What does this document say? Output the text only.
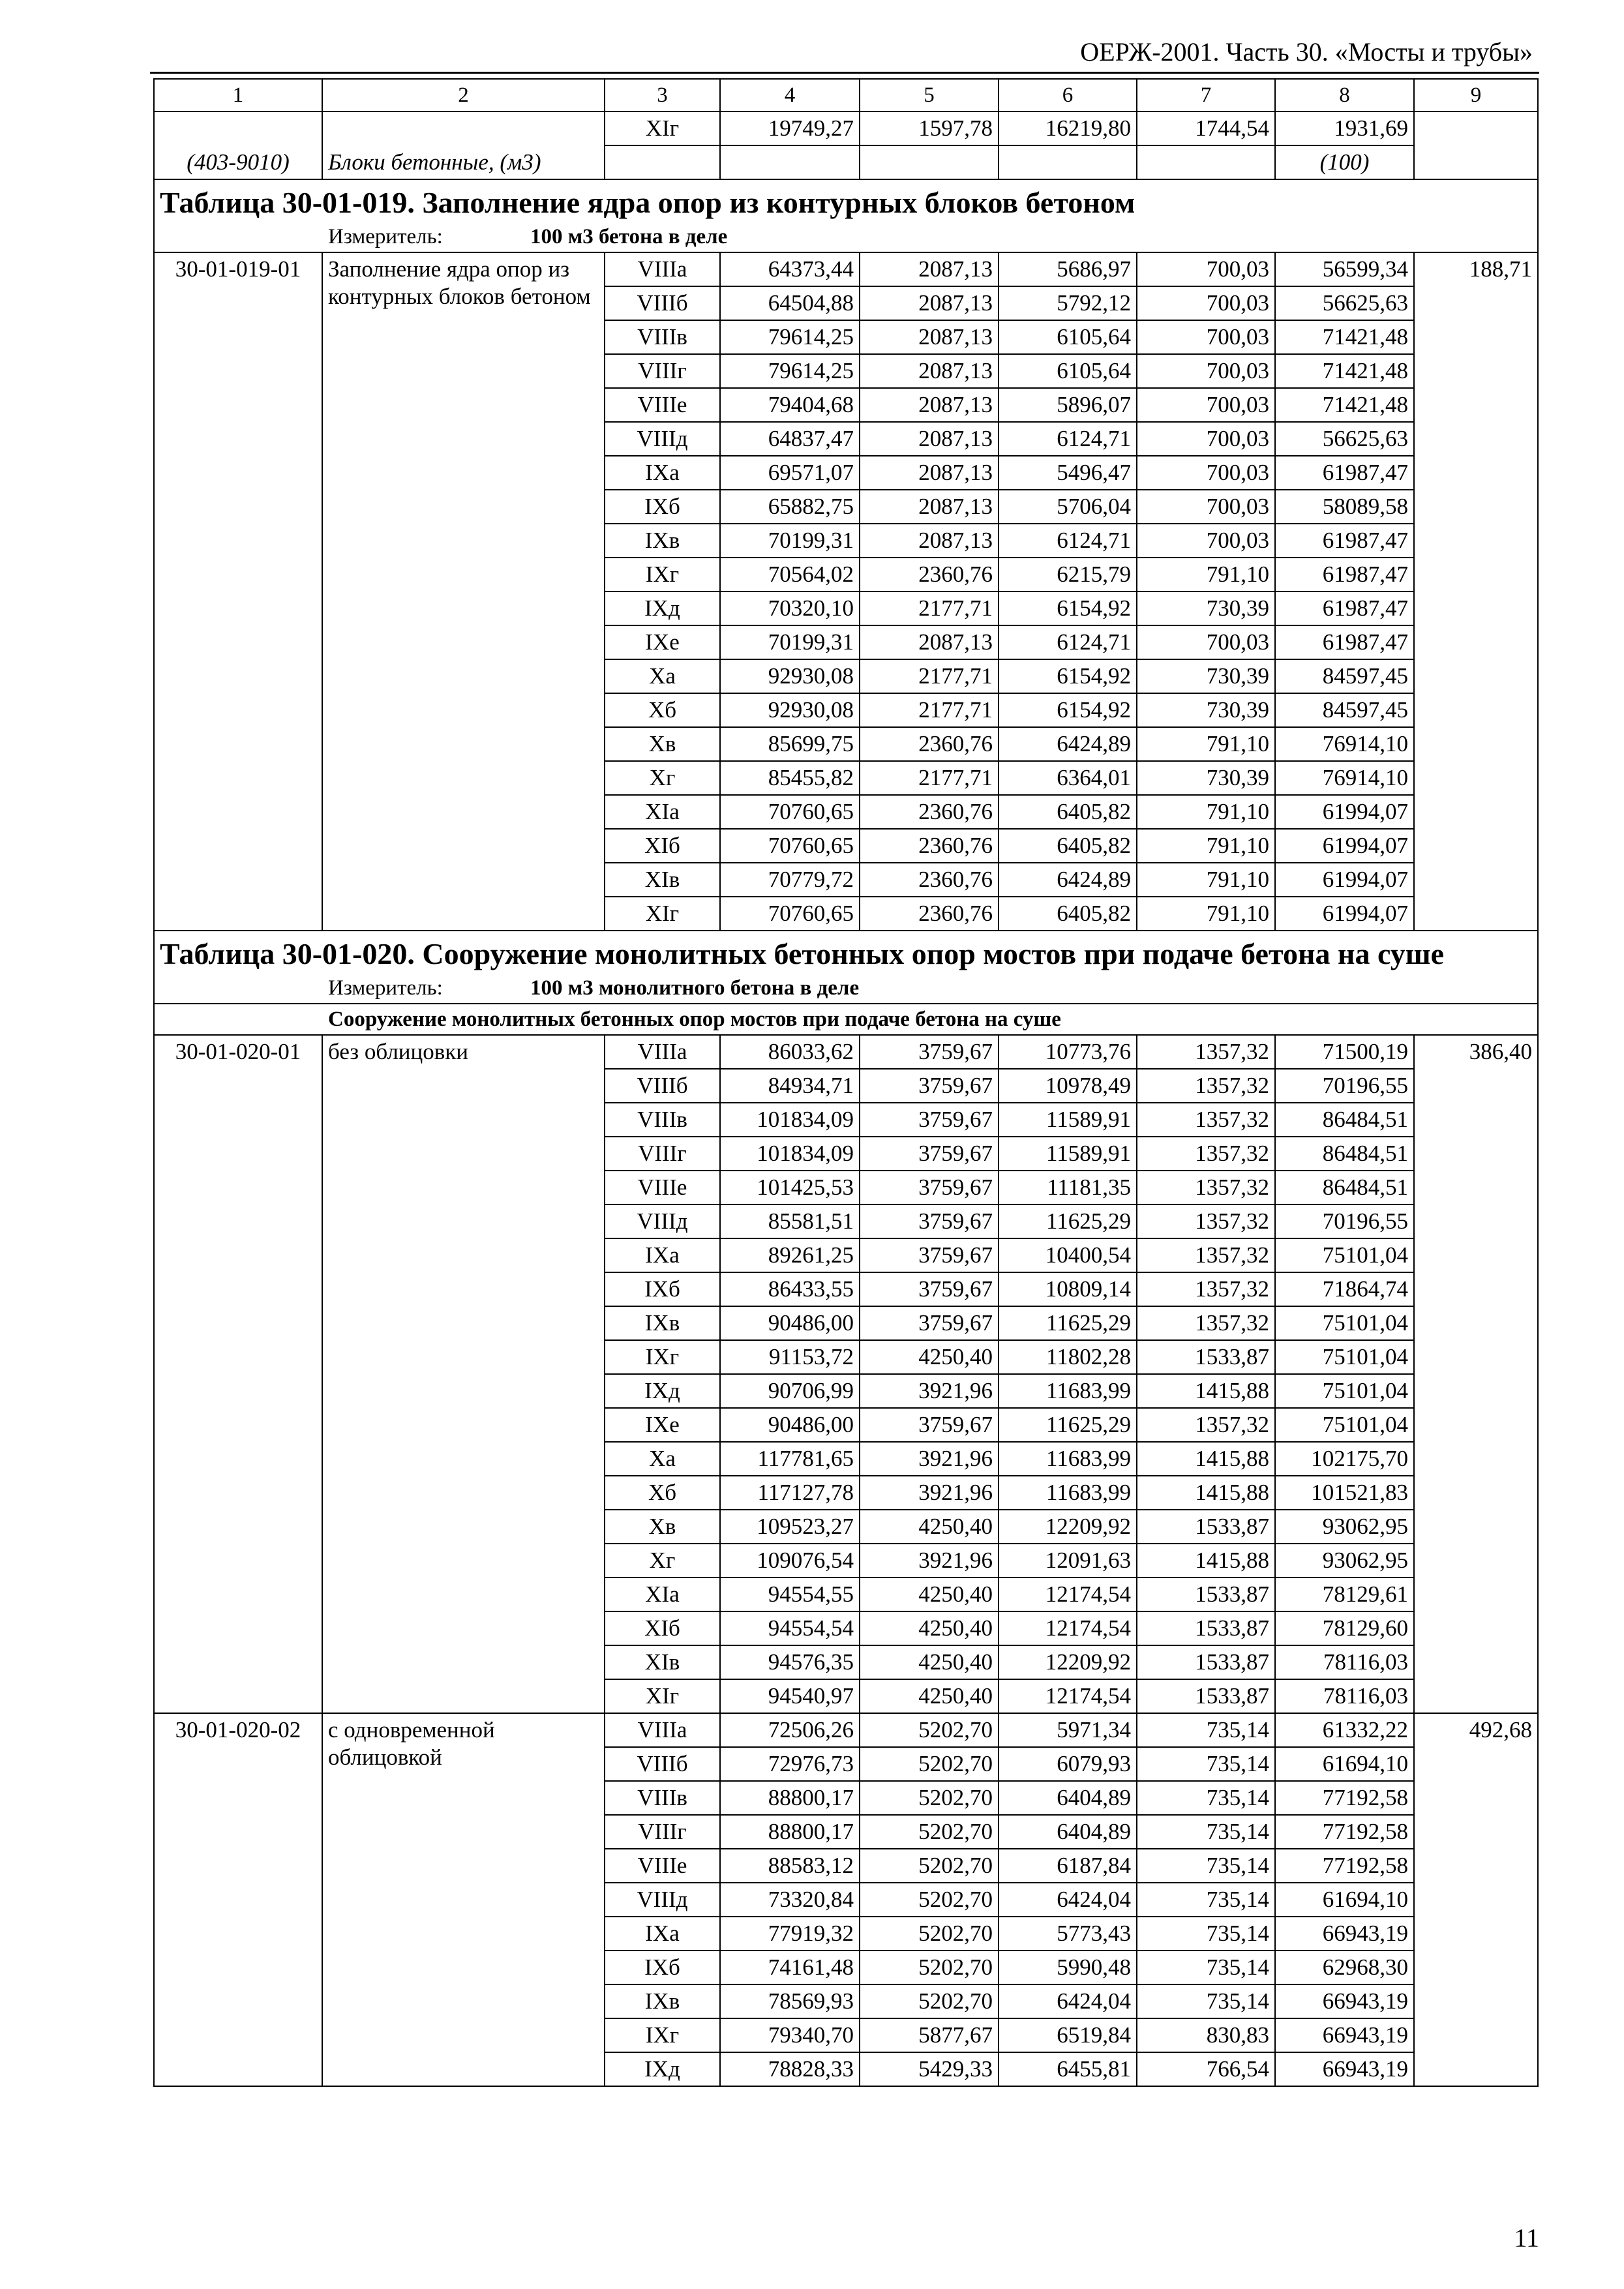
ОЕРЖ-2001. Часть 30. «Мосты и трубы»
1	2	3	4	5	6	7	8	9
(403-9010)	Блоки бетонные, (м3)	XIг	19749,27	1597,78	16219,80	1744,54	1931,69	
							(100)	
Таблица 30-01-019. Заполнение ядра опор из контурных блоков бетоном								
Измеритель: 100 м3 бетона в деле								
30-01-019-01	Заполнение ядра опор из контурных блоков бетоном	VIIIа	64373,44	2087,13	5686,97	700,03	56599,34	188,71
		VIIIб	64504,88	2087,13	5792,12	700,03	56625,63	
		VIIIв	79614,25	2087,13	6105,64	700,03	71421,48	
		VIIIг	79614,25	2087,13	6105,64	700,03	71421,48	
		VIIIе	79404,68	2087,13	5896,07	700,03	71421,48	
		VIIIд	64837,47	2087,13	6124,71	700,03	56625,63	
		IXа	69571,07	2087,13	5496,47	700,03	61987,47	
		IXб	65882,75	2087,13	5706,04	700,03	58089,58	
		IXв	70199,31	2087,13	6124,71	700,03	61987,47	
		IXг	70564,02	2360,76	6215,79	791,10	61987,47	
		IXд	70320,10	2177,71	6154,92	730,39	61987,47	
		IXе	70199,31	2087,13	6124,71	700,03	61987,47	
		Xа	92930,08	2177,71	6154,92	730,39	84597,45	
		Xб	92930,08	2177,71	6154,92	730,39	84597,45	
		Xв	85699,75	2360,76	6424,89	791,10	76914,10	
		Xг	85455,82	2177,71	6364,01	730,39	76914,10	
		XIа	70760,65	2360,76	6405,82	791,10	61994,07	
		XIб	70760,65	2360,76	6405,82	791,10	61994,07	
		XIв	70779,72	2360,76	6424,89	791,10	61994,07	
		XIг	70760,65	2360,76	6405,82	791,10	61994,07	
Таблица 30-01-020. Сооружение монолитных бетонных опор мостов при подаче бетона на суше								
Измеритель: 100 м3 монолитного бетона в деле								
Сооружение монолитных бетонных опор мостов при подаче бетона на суше								
30-01-020-01	без облицовки	VIIIа	86033,62	3759,67	10773,76	1357,32	71500,19	386,40
		VIIIб	84934,71	3759,67	10978,49	1357,32	70196,55	
		VIIIв	101834,09	3759,67	11589,91	1357,32	86484,51	
		VIIIг	101834,09	3759,67	11589,91	1357,32	86484,51	
		VIIIе	101425,53	3759,67	11181,35	1357,32	86484,51	
		VIIIд	85581,51	3759,67	11625,29	1357,32	70196,55	
		IXа	89261,25	3759,67	10400,54	1357,32	75101,04	
		IXб	86433,55	3759,67	10809,14	1357,32	71864,74	
		IXв	90486,00	3759,67	11625,29	1357,32	75101,04	
		IXг	91153,72	4250,40	11802,28	1533,87	75101,04	
		IXд	90706,99	3921,96	11683,99	1415,88	75101,04	
		IXе	90486,00	3759,67	11625,29	1357,32	75101,04	
		Xа	117781,65	3921,96	11683,99	1415,88	102175,70	
		Xб	117127,78	3921,96	11683,99	1415,88	101521,83	
		Xв	109523,27	4250,40	12209,92	1533,87	93062,95	
		Xг	109076,54	3921,96	12091,63	1415,88	93062,95	
		XIа	94554,55	4250,40	12174,54	1533,87	78129,61	
		XIб	94554,54	4250,40	12174,54	1533,87	78129,60	
		XIв	94576,35	4250,40	12209,92	1533,87	78116,03	
		XIг	94540,97	4250,40	12174,54	1533,87	78116,03	
30-01-020-02	с одновременной облицовкой	VIIIа	72506,26	5202,70	5971,34	735,14	61332,22	492,68
		VIIIб	72976,73	5202,70	6079,93	735,14	61694,10	
		VIIIв	88800,17	5202,70	6404,89	735,14	77192,58	
		VIIIг	88800,17	5202,70	6404,89	735,14	77192,58	
		VIIIе	88583,12	5202,70	6187,84	735,14	77192,58	
		VIIIд	73320,84	5202,70	6424,04	735,14	61694,10	
		IXа	77919,32	5202,70	5773,43	735,14	66943,19	
		IXб	74161,48	5202,70	5990,48	735,14	62968,30	
		IXв	78569,93	5202,70	6424,04	735,14	66943,19	
		IXг	79340,70	5877,67	6519,84	830,83	66943,19	
		IXд	78828,33	5429,33	6455,81	766,54	66943,19	
11
